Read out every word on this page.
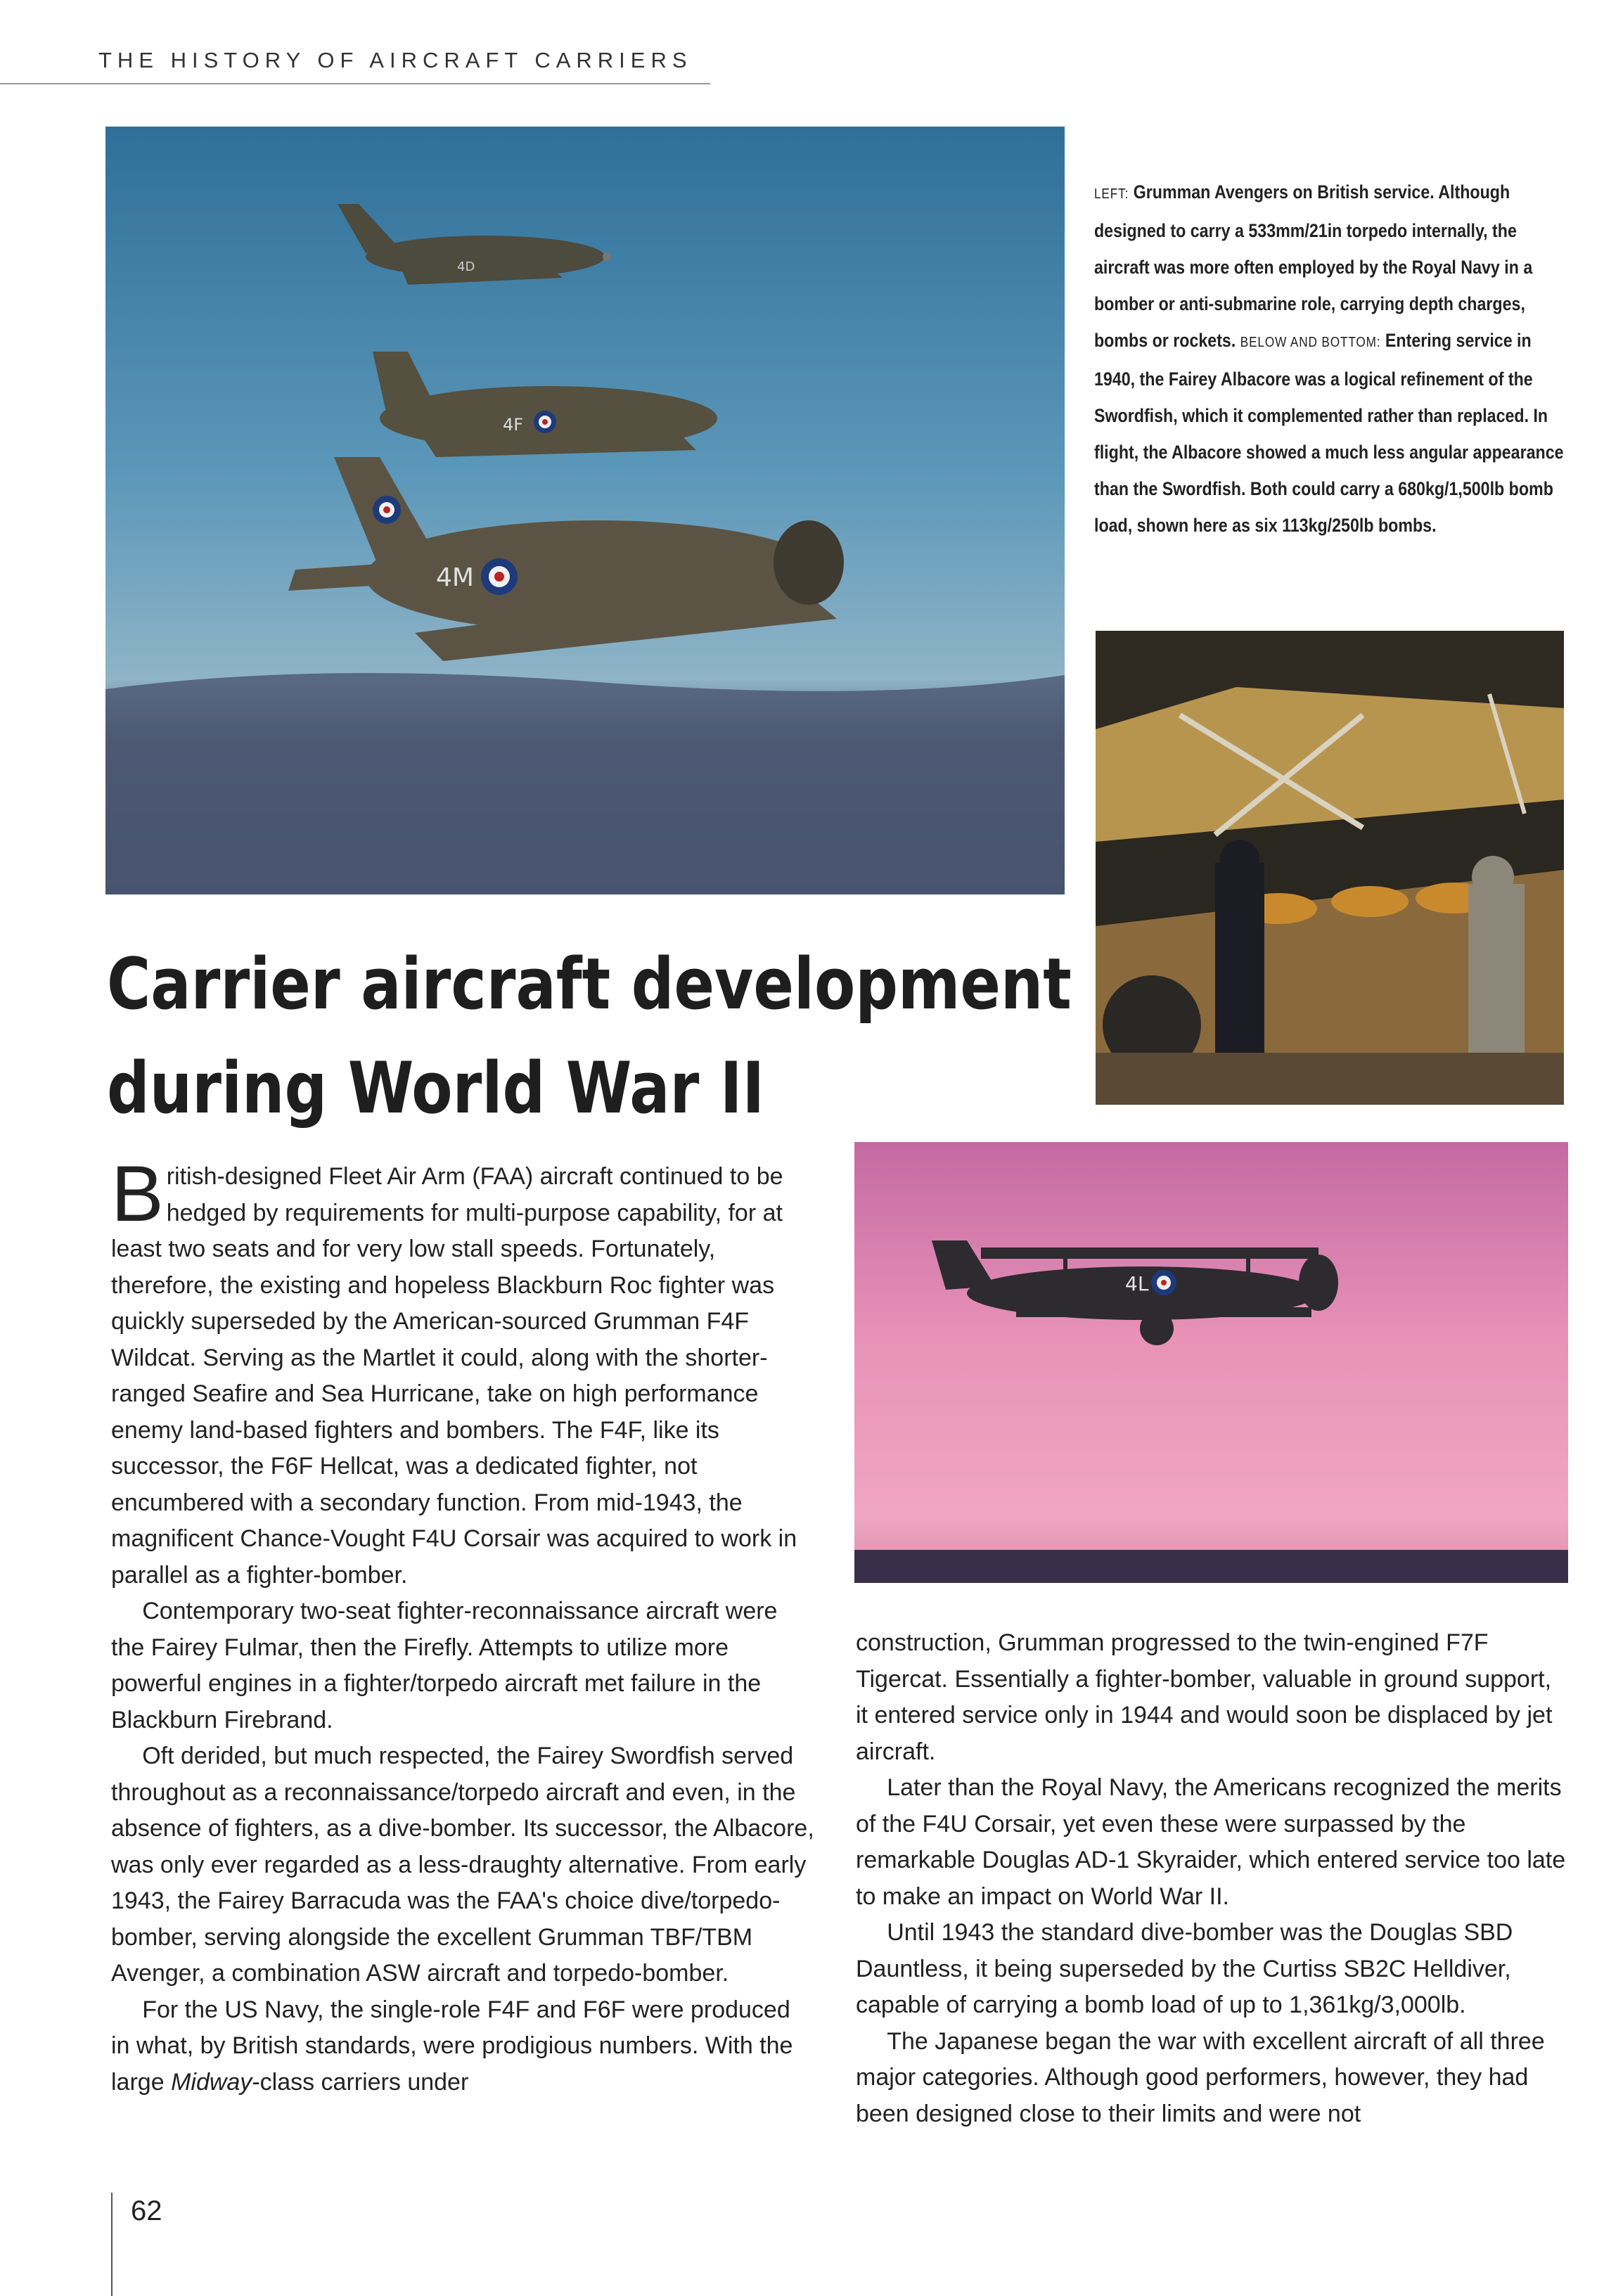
THE HISTORY OF AIRCRAFT CARRIERS
4F
4M
4D
LEFT: Grumman Avengers on British service. Although designed to carry a 533mm/21in torpedo internally, the aircraft was more often employed by the Royal Navy in a bomber or anti-submarine role, carrying depth charges, bombs or rockets. BELOW AND BOTTOM: Entering service in 1940, the Fairey Albacore was a logical refinement of the Swordfish, which it complemented rather than replaced. In flight, the Albacore showed a much less angular appearance than the Swordfish. Both could carry a 680kg/1,500lb bomb load, shown here as six 113kg/250lb bombs.
Carrier aircraft development
during World War II
4L

British-designed Fleet Air Arm (FAA) aircraft continued to be hedged by requirements for multi-purpose capability, for at least two seats and for very low stall speeds. Fortunately, therefore, the existing and hopeless Blackburn Roc fighter was quickly superseded by the American-sourced Grumman F4F Wildcat. Serving as the Martlet it could, along with the shorter-ranged Seafire and Sea Hurricane, take on high performance enemy land-based fighters and bombers. The F4F, like its successor, the F6F Hellcat, was a dedicated fighter, not encumbered with a secondary function. From mid-1943, the magnificent Chance-Vought F4U Corsair was acquired to work in parallel as a fighter-bomber.

Contemporary two-seat fighter-reconnaissance aircraft were the Fairey Fulmar, then the Firefly. Attempts to utilize more powerful engines in a fighter/torpedo aircraft met failure in the Blackburn Firebrand.

Oft derided, but much respected, the Fairey Swordfish served throughout as a reconnaissance/torpedo aircraft and even, in the absence of fighters, as a dive-bomber. Its successor, the Albacore, was only ever regarded as a less-draughty alternative. From early 1943, the Fairey Barracuda was the FAA's choice dive/torpedo-bomber, serving alongside the excellent Grumman TBF/TBM Avenger, a combination ASW aircraft and torpedo-bomber.

For the US Navy, the single-role F4F and F6F were produced in what, by British standards, were prodigious numbers. With the large Midway-class carriers under

construction, Grumman progressed to the twin-engined F7F Tigercat. Essentially a fighter-bomber, valuable in ground support, it entered service only in 1944 and would soon be displaced by jet aircraft.

Later than the Royal Navy, the Americans recognized the merits of the F4U Corsair, yet even these were surpassed by the remarkable Douglas AD-1 Skyraider, which entered service too late to make an impact on World War II.

Until 1943 the standard dive-bomber was the Douglas SBD Dauntless, it being superseded by the Curtiss SB2C Helldiver, capable of carrying a bomb load of up to 1,361kg/3,000lb.

The Japanese began the war with excellent aircraft of all three major categories. Although good performers, however, they had been designed close to their limits and were not

62
